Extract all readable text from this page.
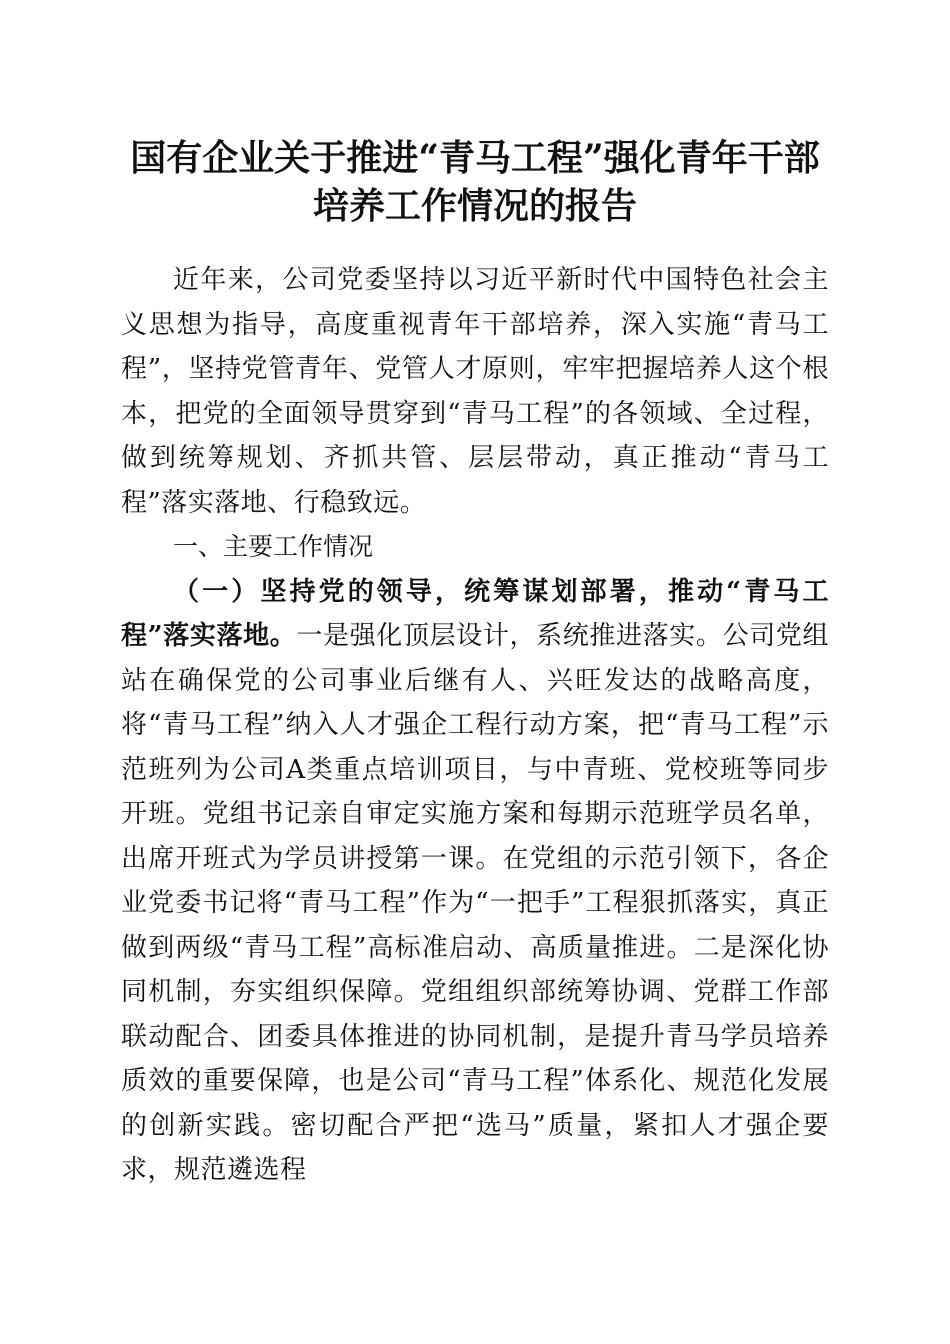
国有企业关于推进“青马工程”强化青年干部
培养工作情况的报告

近年来，公司党委坚持以习近平新时代中国特色社会主义思想为指导，高度重视青年干部培养，深入实施“青马工程”，坚持党管青年、党管人才原则，牢牢把握培养人这个根本，把党的全面领导贯穿到“青马工程”的各领域、全过程，做到统筹规划、齐抓共管、层层带动，真正推动“青马工程”落实落地、行稳致远。

一、主要工作情况

（一）坚持党的领导，统筹谋划部署，推动“青马工程”落实落地。一是强化顶层设计，系统推进落实。公司党组站在确保党的公司事业后继有人、兴旺发达的战略高度，将“青马工程”纳入人才强企工程行动方案，把“青马工程”示范班列为公司A类重点培训项目，与中青班、党校班等同步开班。党组书记亲自审定实施方案和每期示范班学员名单，出席开班式为学员讲授第一课。在党组的示范引领下，各企业党委书记将“青马工程”作为“一把手”工程狠抓落实，真正做到两级“青马工程”高标准启动、高质量推进。二是深化协同机制，夯实组织保障。党组组织部统筹协调、党群工作部联动配合、团委具体推进的协同机制，是提升青马学员培养质效的重要保障，也是公司“青马工程”体系化、规范化发展的创新实践。密切配合严把“选马”质量，紧扣人才强企要求，规范遴选程
